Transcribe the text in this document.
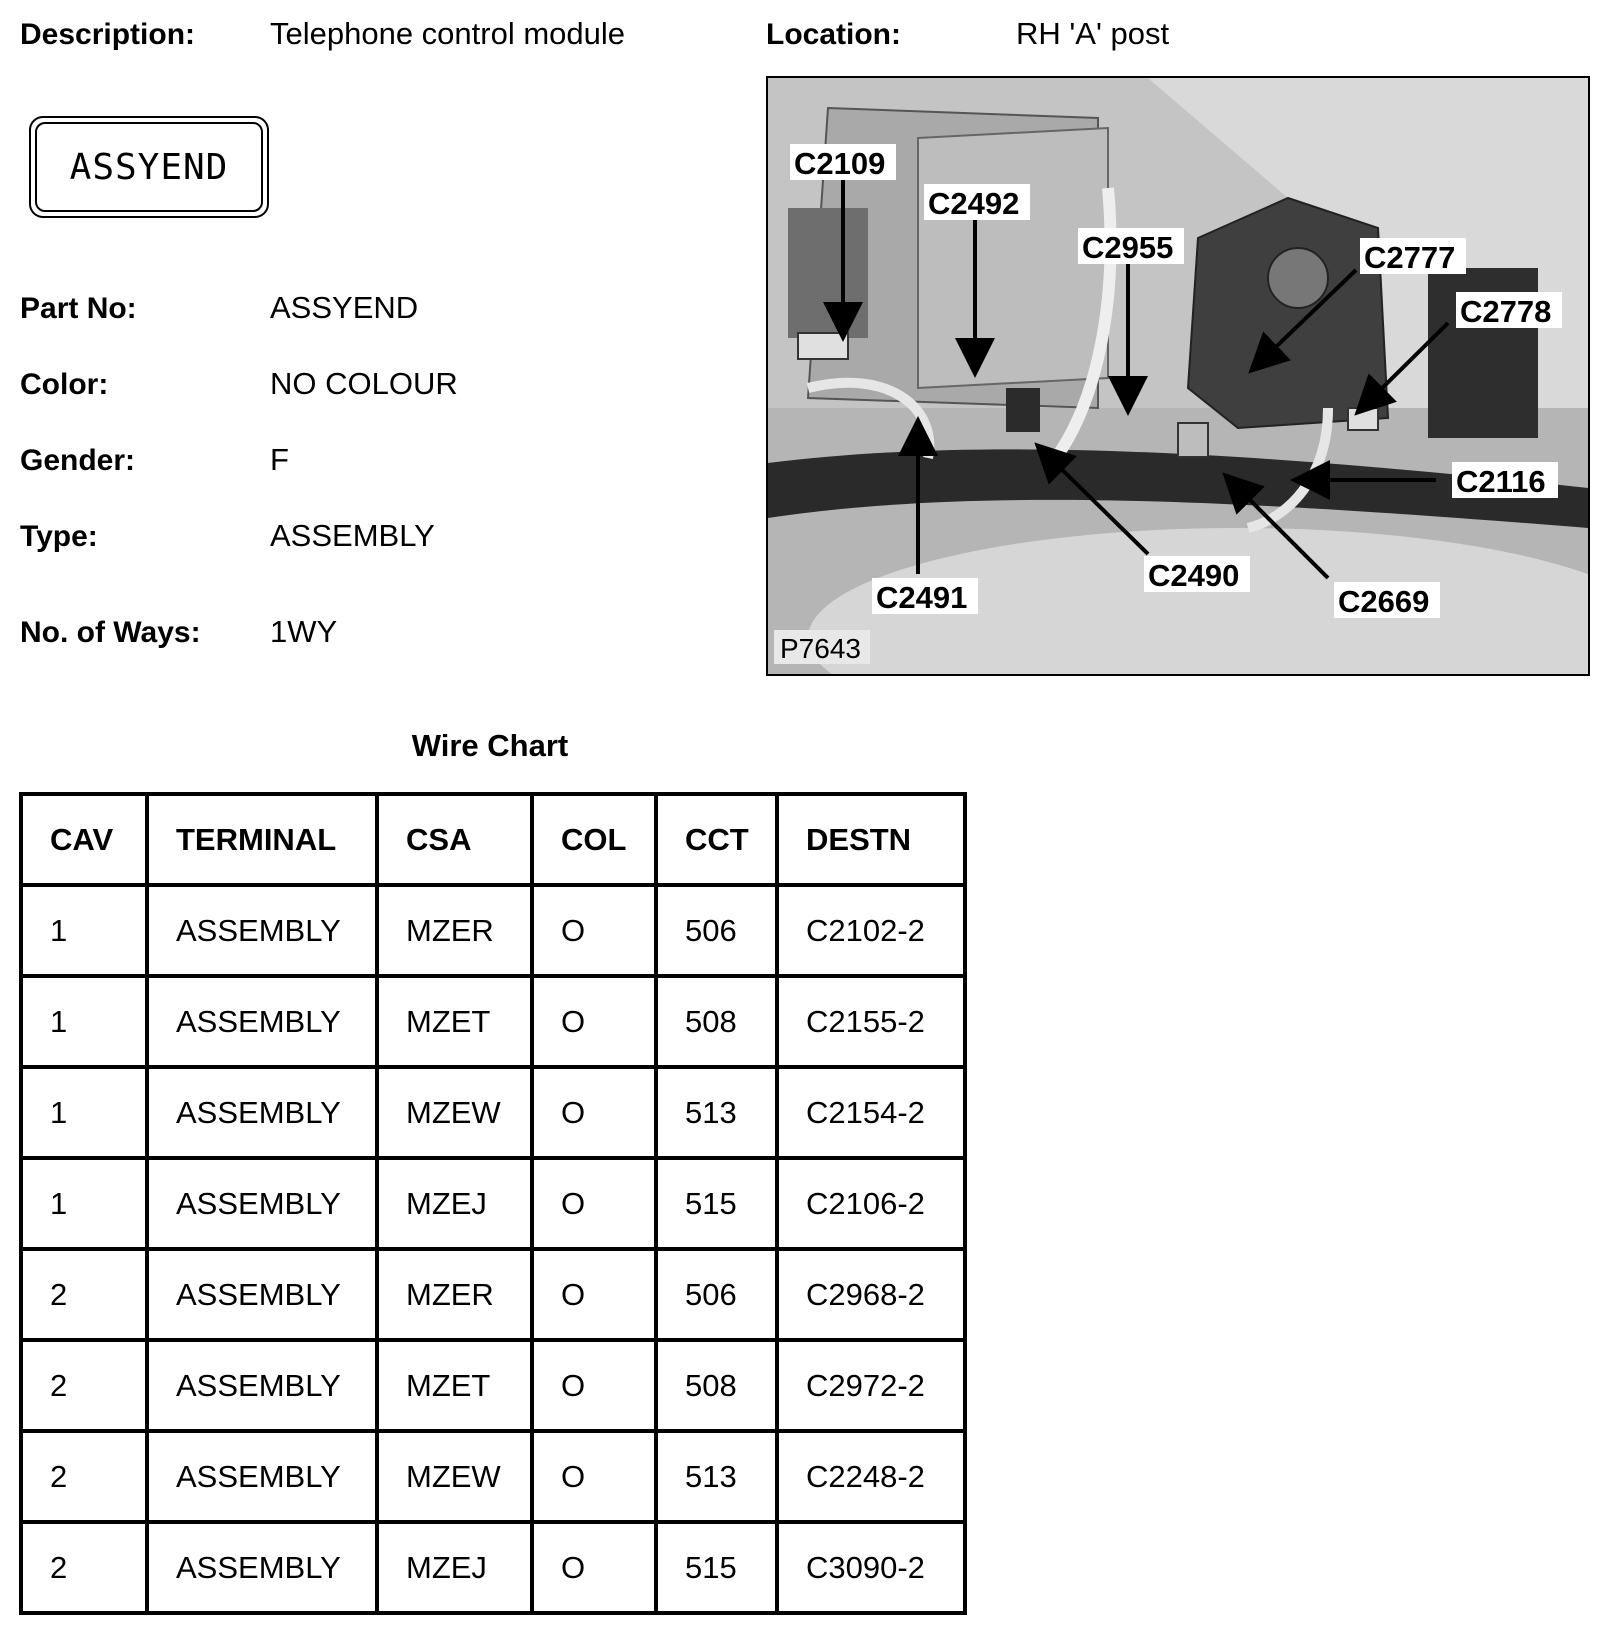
Description: Telephone control module	Location:	RH 'A' post
ASSYEND
Part No:	ASSYEND
Color:	NO COLOUR
Gender:	F
Type:	ASSEMBLY
No. of Ways: 1WY
C2109
C2492
C2955	C2777
C2778
C2116
C2491
C2490
C2669
P7643
Wire Chart
CAV	TERMINAL	CSA	COL	CCT	DESTN
1	ASSEMBLY	MZER	O	506	C2102-2
1	ASSEMBLY	MZET	O	508	C2155-2
1	ASSEMBLY	MZEW	O	513	C2154-2
1	ASSEMBLY	MZEJ	O	515	C2106-2
2	ASSEMBLY	MZER	O	506	C2968-2
2	ASSEMBLY	MZET	O	508	C2972-2
2	ASSEMBLY	MZEW	O	513	C2248-2
2	ASSEMBLY	MZEJ	O	515	C3090-2
